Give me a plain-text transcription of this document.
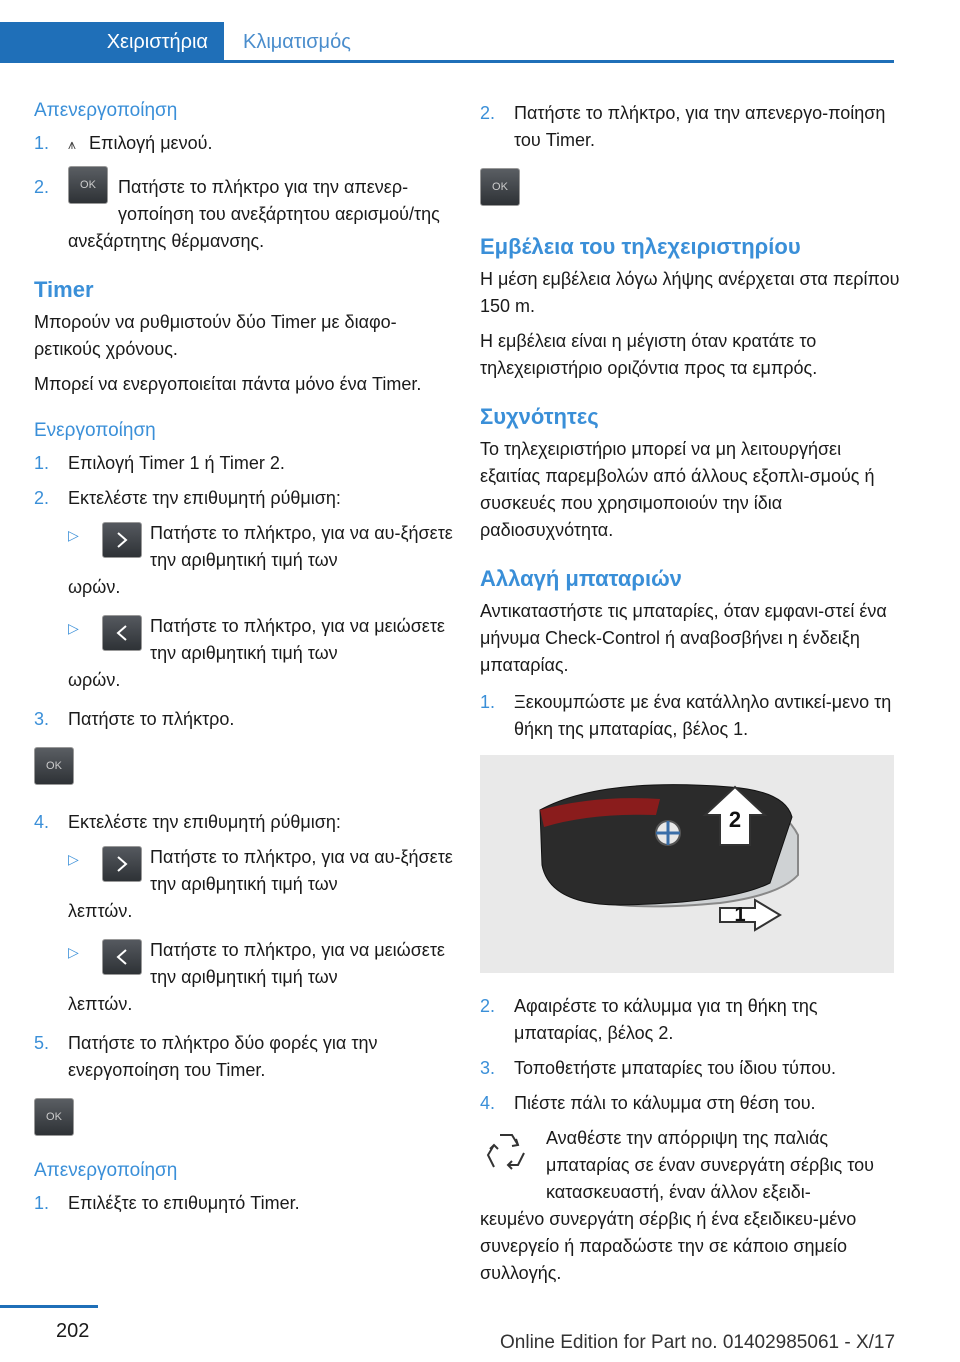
Χειριστήρια	Κλιματισμός
Απενεργοποίηση
1. ⩚ Επιλογή μενού.
2.	OK	Πατήστε το πλήκτρο για την απενερ-γοποίηση του ανεξάρτητου αερισμού/της ανεξάρτητης θέρμανσης.
Timer

Μπορούν να ρυθμιστούν δύο Timer με διαφο-ρετικούς χρόνους.

Μπορεί να ενεργοποιείται πάντα μόνο ένα Timer.

Ενεργοποίηση
1. Επιλογή Timer 1 ή Timer 2.
2. Εκτελέστε την επιθυμητή ρύθμιση:
▷	Πατήστε το πλήκτρο, για να αυ-ξήσετε την αριθμητική τιμή των
ωρών.
▷	Πατήστε το πλήκτρο, για να μειώσετε την αριθμητική τιμή των
ωρών.
3. Πατήστε το πλήκτρο.
OK
4. Εκτελέστε την επιθυμητή ρύθμιση:
▷	Πατήστε το πλήκτρο, για να αυ-ξήσετε την αριθμητική τιμή των
λεπτών.
▷	Πατήστε το πλήκτρο, για να μειώσετε την αριθμητική τιμή των
λεπτών.
5. Πατήστε το πλήκτρο δύο φορές για την ενεργοποίηση του Timer.
OK
Απενεργοποίηση
1. Επιλέξτε το επιθυμητό Timer.
2. Πατήστε το πλήκτρο, για την απενεργο-ποίηση του Timer.
OK
Εμβέλεια του τηλεχειριστηρίου

Η μέση εμβέλεια λόγω λήψης ανέρχεται στα περίπου 150 m.

Η εμβέλεια είναι η μέγιστη όταν κρατάτε το τηλεχειριστήριο οριζόντια προς τα εμπρός.

Συχνότητες

Το τηλεχειριστήριο μπορεί να μη λειτουργήσει εξαιτίας παρεμβολών από άλλους εξοπλι-σμούς ή συσκευές που χρησιμοποιούν την ίδια ραδιοσυχνότητα.

Αλλαγή μπαταριών

Αντικαταστήστε τις μπαταρίες, όταν εμφανι-στεί ένα μήνυμα Check-Control ή αναβοσβήνει η ένδειξη μπαταρίας.

1. Ξεκουμπώστε με ένα κατάλληλο αντικεί-μενο τη θήκη της μπαταρίας, βέλος 1.
2
1
2. Αφαιρέστε το κάλυμμα για τη θήκη της μπαταρίας, βέλος 2.
3. Τοποθετήστε μπαταρίες του ίδιου τύπου.
4. Πιέστε πάλι το κάλυμμα στη θέση του.
Αναθέστε την απόρριψη της παλιάς μπαταρίας σε έναν συνεργάτη σέρβις του κατασκευαστή, έναν άλλον εξειδι-
κευμένο συνεργάτη σέρβις ή ένα εξειδικευ-μένο συνεργείο ή παραδώστε την σε κάποιο σημείο συλλογής.
202
Online Edition for Part no. 01402985061 - X/17
